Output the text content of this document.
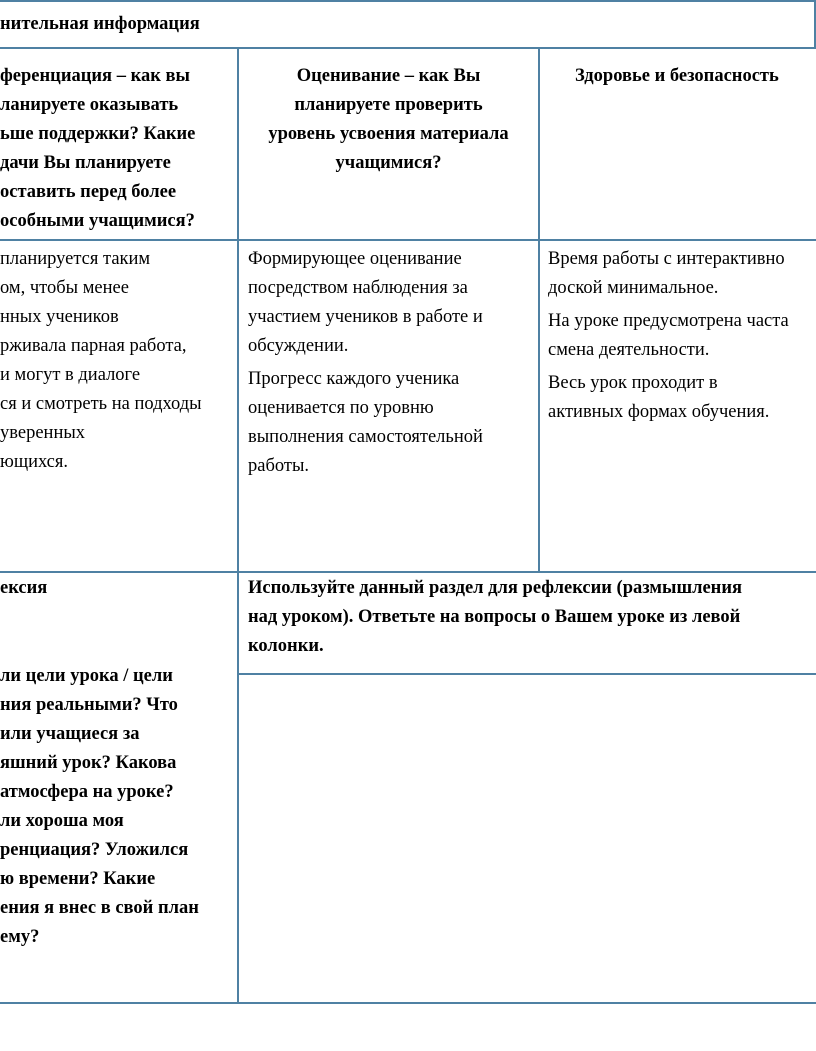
нительная информация
ференциация – как вы
ланируете оказывать
ьше поддержки? Какие
дачи Вы планируете
оставить перед более
особными учащимися?
Оценивание – как Вы
планируете проверить
уровень усвоения материала
учащимися?
Здоровье и безопасность
планируется таким
ом, чтобы менее
нных учеников
рживала парная работа,
и могут в диалоге
ся и смотреть на подходы
уверенных
ющихся.
Формирующее оценивание
посредством наблюдения за
участием учеников в работе и
обсуждении.
Прогресс каждого ученика
оценивается по уровню
выполнения самостоятельной
работы.
Время работы с интерактивно
доской минимальное.
На уроке предусмотрена часта
смена деятельности.
Весь урок проходит в
активных формах обучения.
ексия
ли цели урока / цели
ния реальными? Что
или учащиеся за
яшний урок? Какова
атмосфера на уроке?
ли хороша моя
ренциация? Уложился
ю времени? Какие
ения я внес в свой план
ему?
Используйте данный раздел для рефлексии (размышления
над уроком). Ответьте на вопросы о Вашем уроке из левой
колонки.
